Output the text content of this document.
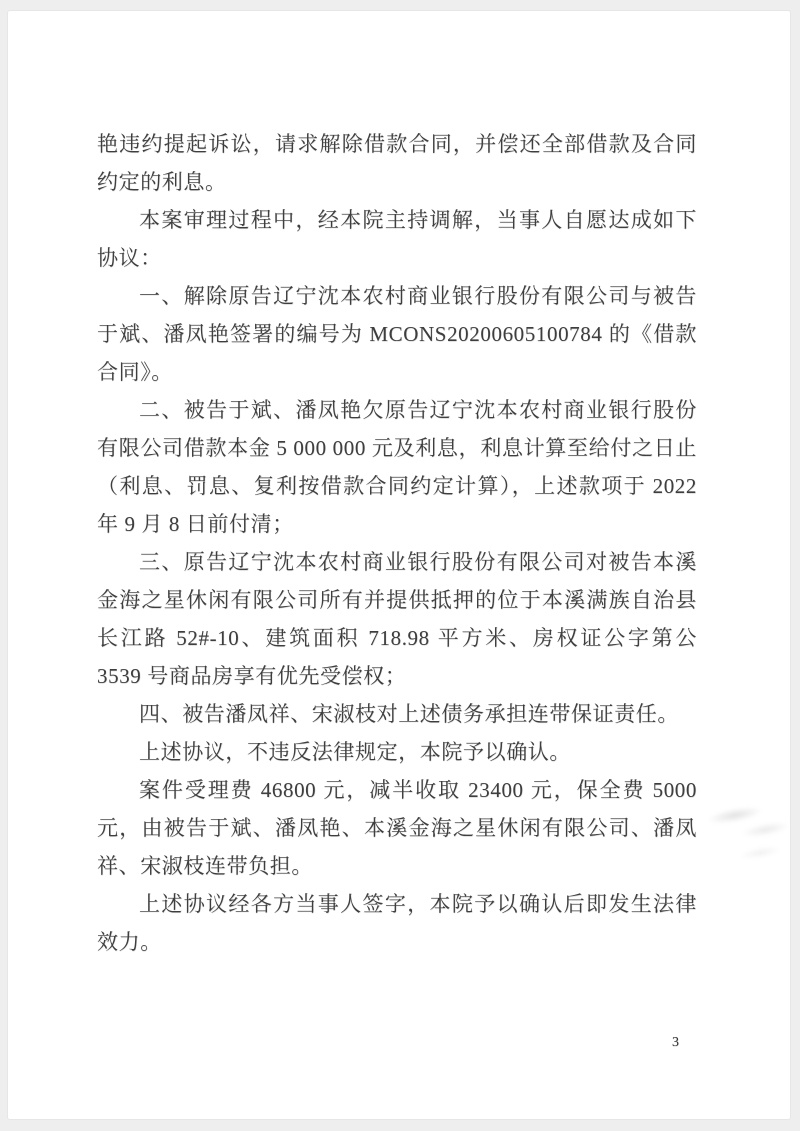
艳违约提起诉讼，请求解除借款合同，并偿还全部借款及合同约定的利息。

本案审理过程中，经本院主持调解，当事人自愿达成如下协议：

一、解除原告辽宁沈本农村商业银行股份有限公司与被告于斌、潘凤艳签署的编号为 MCONS20200605100784 的《借款合同》。

二、被告于斌、潘凤艳欠原告辽宁沈本农村商业银行股份有限公司借款本金 5 000 000 元及利息，利息计算至给付之日止（利息、罚息、复利按借款合同约定计算），上述款项于 2022 年 9 月 8 日前付清；

三、原告辽宁沈本农村商业银行股份有限公司对被告本溪金海之星休闲有限公司所有并提供抵押的位于本溪满族自治县长江路 52#-10、建筑面积 718.98 平方米、房权证公字第公 3539 号商品房享有优先受偿权；

四、被告潘凤祥、宋淑枝对上述债务承担连带保证责任。

上述协议，不违反法律规定，本院予以确认。

案件受理费 46800 元，减半收取 23400 元，保全费 5000 元，由被告于斌、潘凤艳、本溪金海之星休闲有限公司、潘凤祥、宋淑枝连带负担。

上述协议经各方当事人签字，本院予以确认后即发生法律效力。

3
